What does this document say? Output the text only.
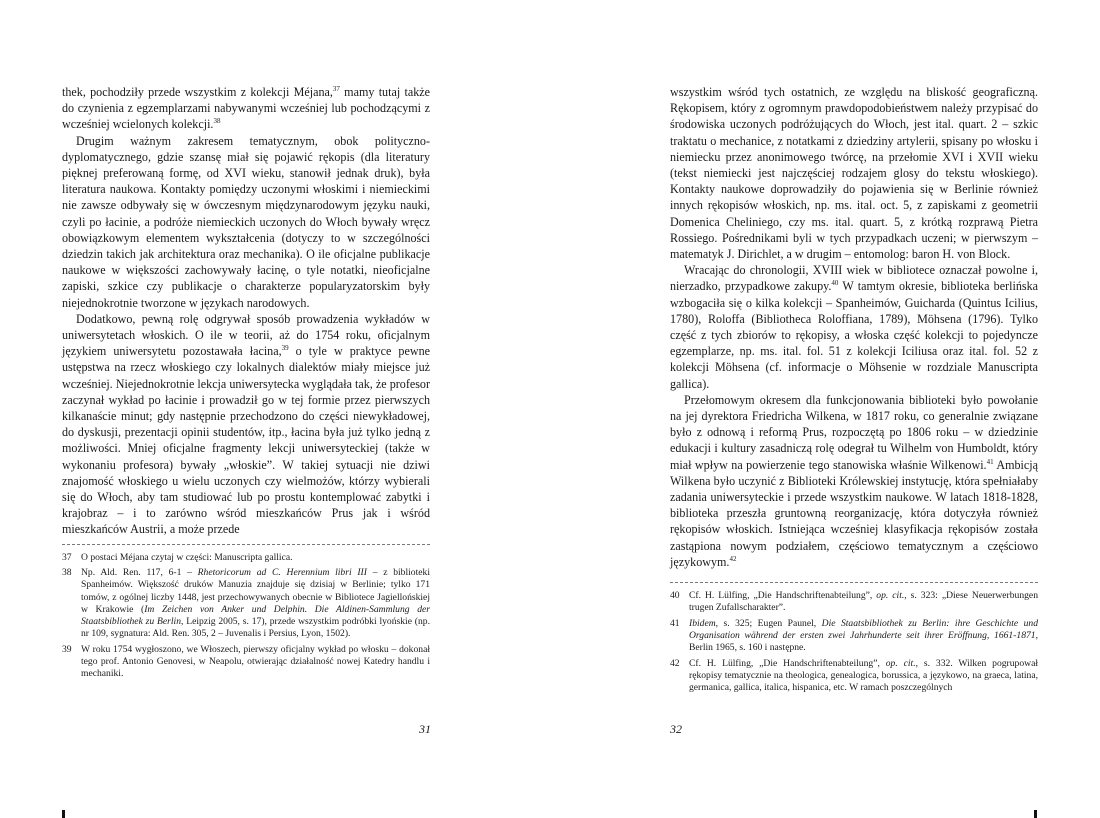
thek, pochodziły przede wszystkim z kolekcji Méjana,$^{37}$ mamy tutaj także do czynienia z egzemplarzami nabywanymi wcześniej lub pochodzącymi z wcześniej wcielonych kolekcji.$^{38}$

Drugim ważnym zakresem tematycznym, obok polityczno-dyplomatycznego, gdzie szansę miał się pojawić rękopis (dla literatury pięknej preferowaną formę, od XVI wieku, stanowił jednak druk), była literatura naukowa. Kontakty pomiędzy uczonymi włoskimi i niemieckimi nie zawsze odbywały się w ówczesnym międzynarodowym języku nauki, czyli po łacinie, a podróże niemieckich uczonych do Włoch bywały wręcz obowiązkowym elementem wykształcenia (dotyczy to w szczególności dziedzin takich jak architektura oraz mechanika). O ile oficjalne publikacje naukowe w większości zachowywały łacinę, o tyle notatki, nieoficjalne zapiski, szkice czy publikacje o charakterze popularyzatorskim były niejednokrotnie tworzone w językach narodowych.

Dodatkowo, pewną rolę odgrywał sposób prowadzenia wykładów w uniwersytetach włoskich. O ile w teorii, aż do 1754 roku, oficjalnym językiem uniwersytetu pozostawała łacina,$^{39}$ o tyle w praktyce pewne ustępstwa na rzecz włoskiego czy lokalnych dialektów miały miejsce już wcześniej. Niejednokrotnie lekcja uniwersytecka wyglądała tak, że profesor zaczynał wykład po łacinie i prowadził go w tej formie przez pierwszych kilkanaście minut; gdy następnie przechodzono do części niewykładowej, do dyskusji, prezentacji opinii studentów, itp., łacina była już tylko jedną z możliwości. Mniej oficjalne fragmenty lekcji uniwersyteckiej (także w wykonaniu profesora) bywały „włoskie”. W takiej sytuacji nie dziwi znajomość włoskiego u wielu uczonych czy wielmożów, którzy wybierali się do Włoch, aby tam studiować lub po prostu kontemplować zabytki i krajobraz – i to zarówno wśród mieszkańców Prus jak i wśród mieszkańców Austrii, a może przede

37 O postaci Méjana czytaj w części: Manuscripta gallica.
38 Np. Ald. Ren. 117, 6-1 – Rhetoricorum ad C. Herennium libri III – z biblioteki Spanheimów. Większość druków Manuzia znajduje się dzisiaj w Berlinie; tylko 171 tomów, z ogólnej liczby 1448, jest przechowywanych obecnie w Bibliotece Jagiellońskiej w Krakowie (Im Zeichen von Anker und Delphin. Die Aldinen-Sammlung der Staatsbibliothek zu Berlin, Leipzig 2005, s. 17), przede wszystkim podróbki lyońskie (np. nr 109, sygnatura: Ald. Ren. 305, 2 – Juvenalis i Persius, Lyon, 1502).
39 W roku 1754 wygłoszono, we Włoszech, pierwszy oficjalny wykład po włosku – dokonał tego prof. Antonio Genovesi, w Neapolu, otwierając działalność nowej Katedry handlu i mechaniki.

wszystkim wśród tych ostatnich, ze względu na bliskość geograficzną. Rękopisem, który z ogromnym prawdopodobieństwem należy przypisać do środowiska uczonych podróżujących do Włoch, jest ital. quart. 2 – szkic traktatu o mechanice, z notatkami z dziedziny artylerii, spisany po włosku i niemiecku przez anonimowego twórcę, na przełomie XVI i XVII wieku (tekst niemiecki jest najczęściej rodzajem glosy do tekstu włoskiego). Kontakty naukowe doprowadziły do pojawienia się w Berlinie również innych rękopisów włoskich, np. ms. ital. oct. 5, z zapiskami z geometrii Domenica Cheliniego, czy ms. ital. quart. 5, z krótką rozprawą Pietra Rossiego. Pośrednikami byli w tych przypadkach uczeni; w pierwszym – matematyk J. Dirichlet, a w drugim – entomolog: baron H. von Block.

Wracając do chronologii, XVIII wiek w bibliotece oznaczał powolne i, nierzadko, przypadkowe zakupy.$^{40}$ W tamtym okresie, biblioteka berlińska wzbogaciła się o kilka kolekcji – Spanheimów, Guicharda (Quintus Icilius, 1780), Roloffa (Bibliotheca Roloffiana, 1789), Möhsena (1796). Tylko część z tych zbiorów to rękopisy, a włoska część kolekcji to pojedyncze egzemplarze, np. ms. ital. fol. 51 z kolekcji Iciliusa oraz ital. fol. 52 z kolekcji Möhsena (cf. informacje o Möhsenie w rozdziale Manuscripta gallica).

Przełomowym okresem dla funkcjonowania biblioteki było powołanie na jej dyrektora Friedricha Wilkena, w 1817 roku, co generalnie związane było z odnową i reformą Prus, rozpoczętą po 1806 roku – w dziedzinie edukacji i kultury zasadniczą rolę odegrał tu Wilhelm von Humboldt, który miał wpływ na powierzenie tego stanowiska właśnie Wilkenowi.$^{41}$ Ambicją Wilkena było uczynić z Biblioteki Królewskiej instytucję, która spełniałaby zadania uniwersyteckie i przede wszystkim naukowe. W latach 1818-1828, biblioteka przeszła gruntowną reorganizację, która dotyczyła również rękopisów włoskich. Istniejąca wcześniej klasyfikacja rękopisów została zastąpiona nowym podziałem, częściowo tematycznym a częściowo językowym.$^{42}$

40 Cf. H. Lülfing, „Die Handschriftenabteilung”, op. cit., s. 323: „Diese Neuerwerbungen trugen Zufallscharakter”.
41 Ibidem, s. 325; Eugen Paunel, Die Staatsbibliothek zu Berlin: ihre Geschichte und Organisation während der ersten zwei Jahrhunderte seit ihrer Eröffnung, 1661-1871, Berlin 1965, s. 160 i następne.
42 Cf. H. Lülfing, „Die Handschriftenabteilung”, op. cit., s. 332. Wilken pogrupował rękopisy tematycznie na theologica, genealogica, borussica, a językowo, na graeca, latina, germanica, gallica, italica, hispanica, etc. W ramach poszczególnych
31	32
